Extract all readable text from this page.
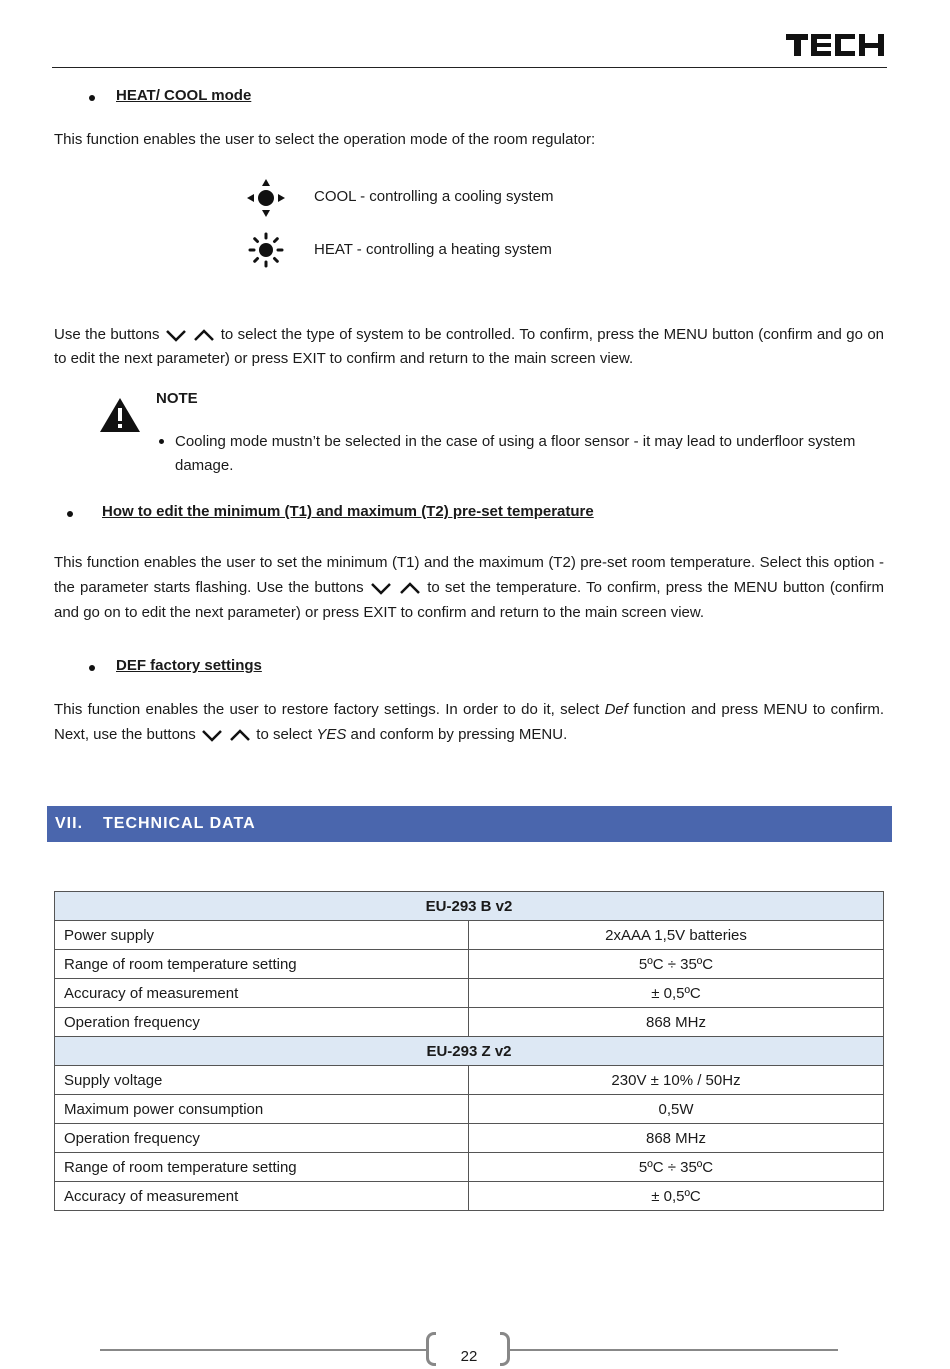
HEAT/ COOL mode
This function enables the user to select the operation mode of the room regulator:
COOL - controlling a cooling system
HEAT - controlling a heating system
Use the buttons	to select the type of system to be controlled. To confirm, press the MENU button (confirm and go on to edit the next parameter) or press EXIT to confirm and return to the main screen view.
NOTE
Cooling mode mustn’t be selected in the case of using a floor sensor - it may lead to underfloor system damage.
How to edit the minimum (T1) and maximum (T2) pre-set temperature
This function enables the user to set the minimum (T1) and the maximum (T2) pre-set room temperature. Select this option - the parameter starts flashing. Use the buttons	to set the temperature. To confirm, press the MENU button (confirm and go on to edit the next parameter) or press EXIT to confirm and return to the main screen view.
DEF factory settings
This function enables the user to restore factory settings. In order to do it, select Def function and press MENU to confirm. Next, use the buttons	to select YES and conform by pressing MENU.
VII. TECHNICAL DATA
EU-293 B v2	
Power supply	2xAAA 1,5V batteries
Range of room temperature setting	5ºC ÷ 35ºC
Accuracy of measurement	± 0,5ºC
Operation frequency	868 MHz
EU-293 Z v2	
Supply voltage	230V ± 10% / 50Hz
Maximum power consumption	0,5W
Operation frequency	868 MHz
Range of room temperature setting	5ºC ÷ 35ºC
Accuracy of measurement	± 0,5ºC
22
